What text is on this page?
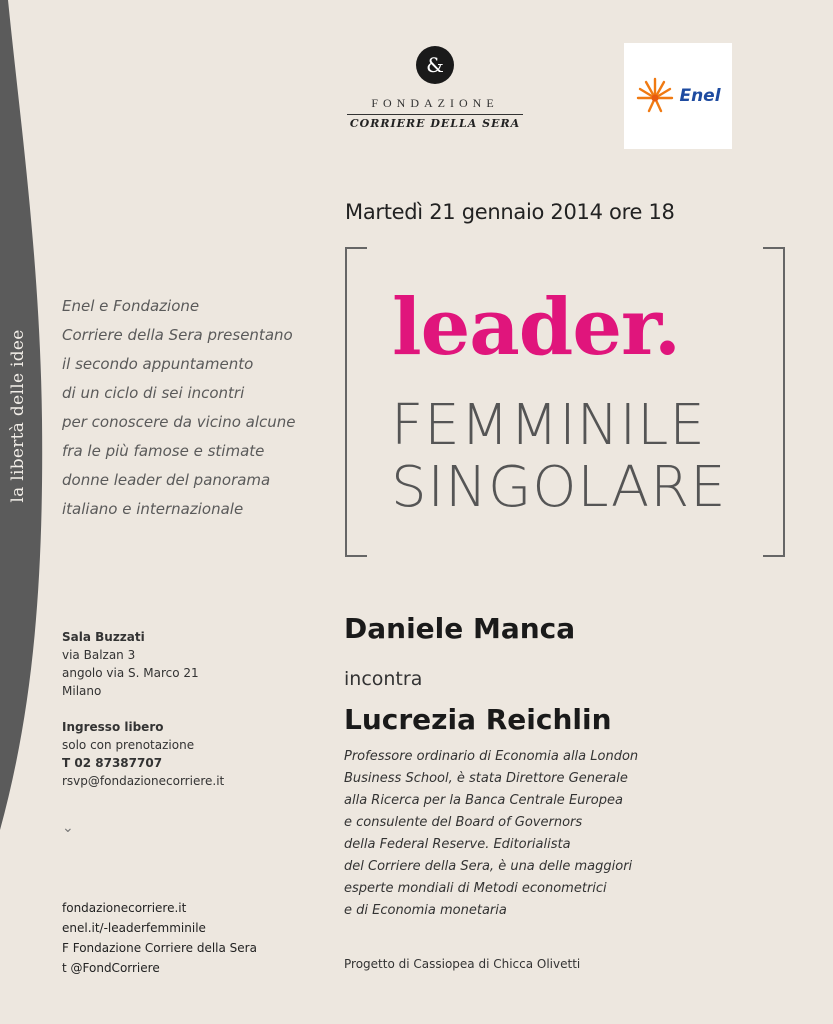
la libertà delle idee
&
FONDAZIONE
CORRIERE DELLA SERA
Enel
Martedì 21 gennaio 2014 ore 18
leader.
FEMMINILE
SINGOLARE
Enel e Fondazione
Corriere della Sera presentano
il secondo appuntamento
di un ciclo di sei incontri
per conoscere da vicino alcune
fra le più famose e stimate
donne leader del panorama
italiano e internazionale
Sala Buzzati
via Balzan 3
angolo via S. Marco 21
Milano
Ingresso libero
solo con prenotazione
T 02 87387707
rsvp@fondazionecorriere.it
⌄
fondazionecorriere.it
enel.it/-leaderfemminile
F Fondazione Corriere della Sera
t @FondCorriere
Daniele Manca
incontra
Lucrezia Reichlin
Professore ordinario di Economia alla London
Business School, è stata Direttore Generale
alla Ricerca per la Banca Centrale Europea
e consulente del Board of Governors
della Federal Reserve. Editorialista
del Corriere della Sera, è una delle maggiori
esperte mondiali di Metodi econometrici
e di Economia monetaria
Progetto di Cassiopea di Chicca Olivetti
